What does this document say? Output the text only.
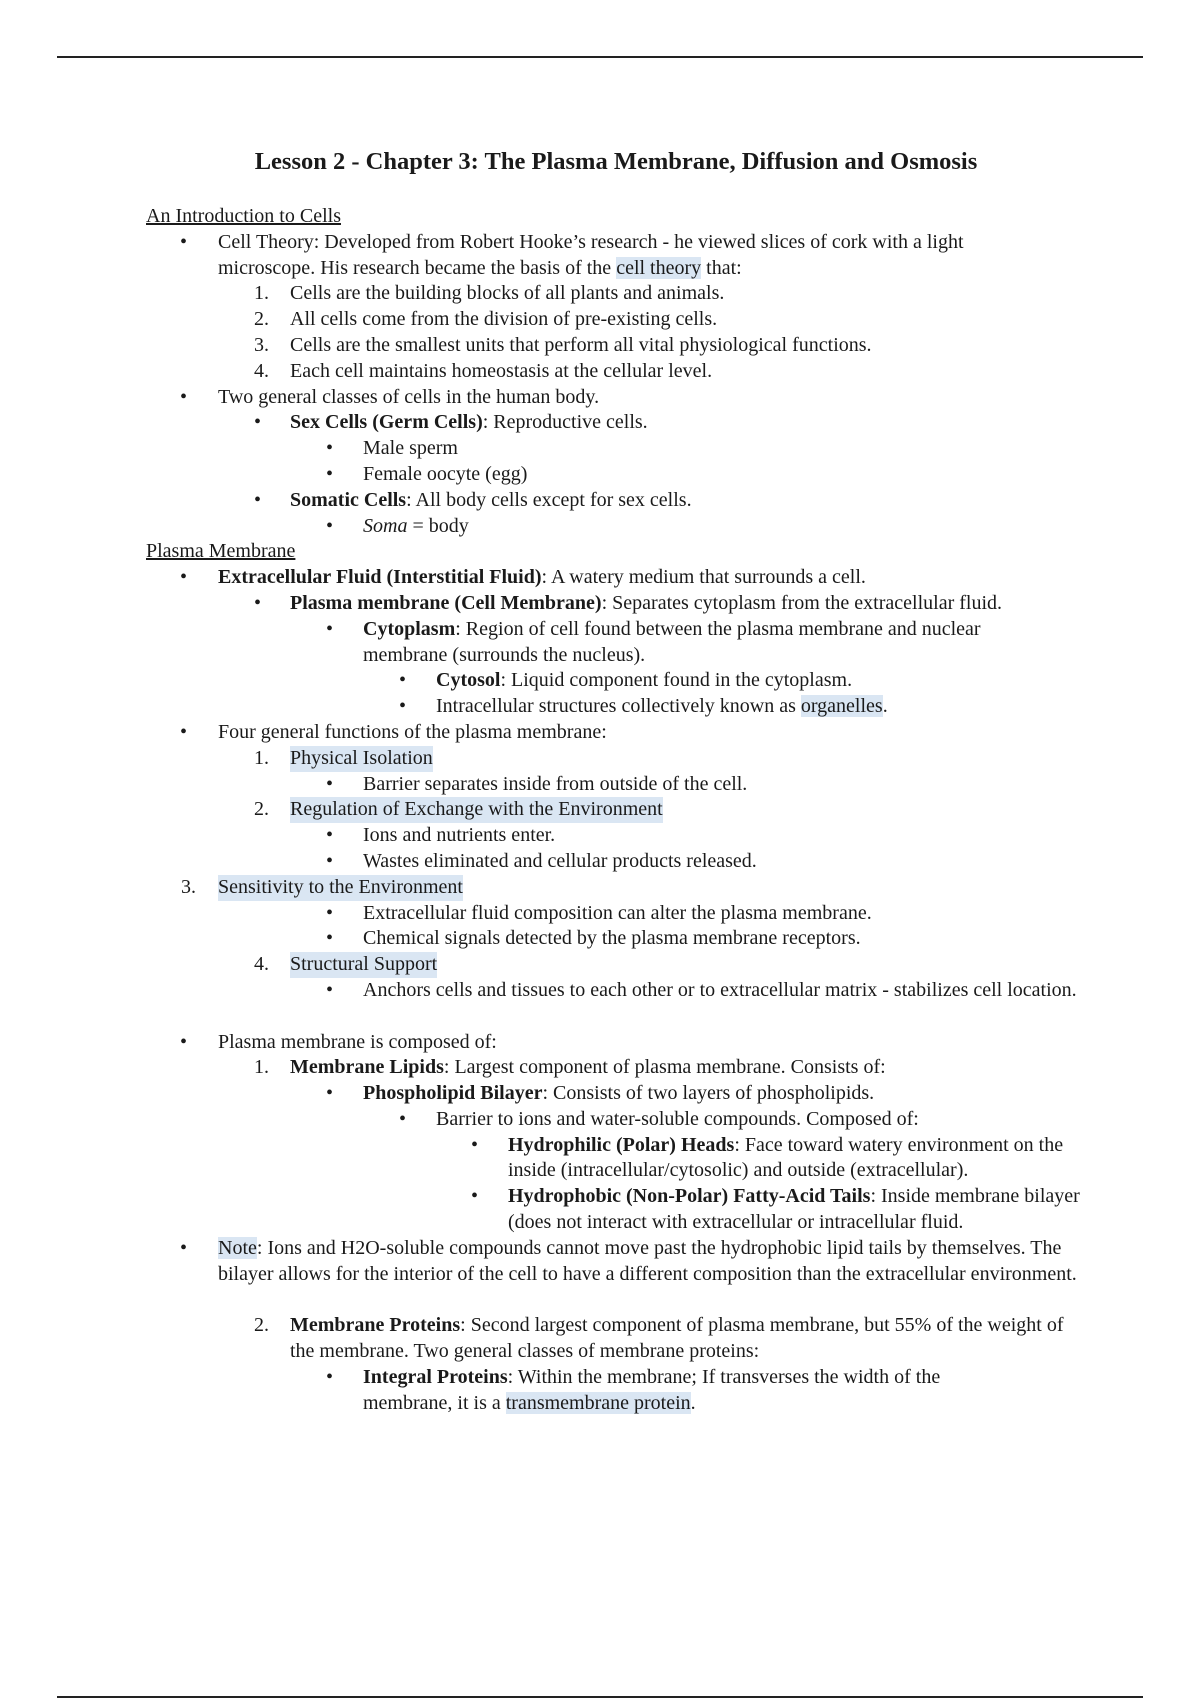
Lesson 2 - Chapter 3: The Plasma Membrane, Diffusion and Osmosis
An Introduction to Cells
• Cell Theory: Developed from Robert Hooke’s research - he viewed slices of cork with a light microscope. His research became the basis of the cell theory that:
1. Cells are the building blocks of all plants and animals.
2. All cells come from the division of pre-existing cells.
3. Cells are the smallest units that perform all vital physiological functions.
4. Each cell maintains homeostasis at the cellular level.
• Two general classes of cells in the human body.
• Sex Cells (Germ Cells): Reproductive cells.
• Male sperm
• Female oocyte (egg)
• Somatic Cells: All body cells except for sex cells.
• Soma = body
Plasma Membrane
• Extracellular Fluid (Interstitial Fluid): A watery medium that surrounds a cell.
• Plasma membrane (Cell Membrane): Separates cytoplasm from the extracellular fluid.
• Cytoplasm: Region of cell found between the plasma membrane and nuclear membrane (surrounds the nucleus).
• Cytosol: Liquid component found in the cytoplasm.
• Intracellular structures collectively known as organelles.
• Four general functions of the plasma membrane:
1. Physical Isolation
• Barrier separates inside from outside of the cell.
2. Regulation of Exchange with the Environment
• Ions and nutrients enter.
• Wastes eliminated and cellular products released.
3. Sensitivity to the Environment
• Extracellular fluid composition can alter the plasma membrane.
• Chemical signals detected by the plasma membrane receptors.
4. Structural Support
• Anchors cells and tissues to each other or to extracellular matrix - stabilizes cell location.
• Plasma membrane is composed of:
1. Membrane Lipids: Largest component of plasma membrane. Consists of:
• Phospholipid Bilayer: Consists of two layers of phospholipids.
• Barrier to ions and water-soluble compounds. Composed of:
• Hydrophilic (Polar) Heads: Face toward watery environment on the inside (intracellular/cytosolic) and outside (extracellular).
• Hydrophobic (Non-Polar) Fatty-Acid Tails: Inside membrane bilayer (does not interact with extracellular or intracellular fluid.
• Note: Ions and H2O-soluble compounds cannot move past the hydrophobic lipid tails by themselves. The bilayer allows for the interior of the cell to have a different composition than the extracellular environment.
2. Membrane Proteins: Second largest component of plasma membrane, but 55% of the weight of the membrane. Two general classes of membrane proteins:
• Integral Proteins: Within the membrane; If transverses the width of the membrane, it is a transmembrane protein.
